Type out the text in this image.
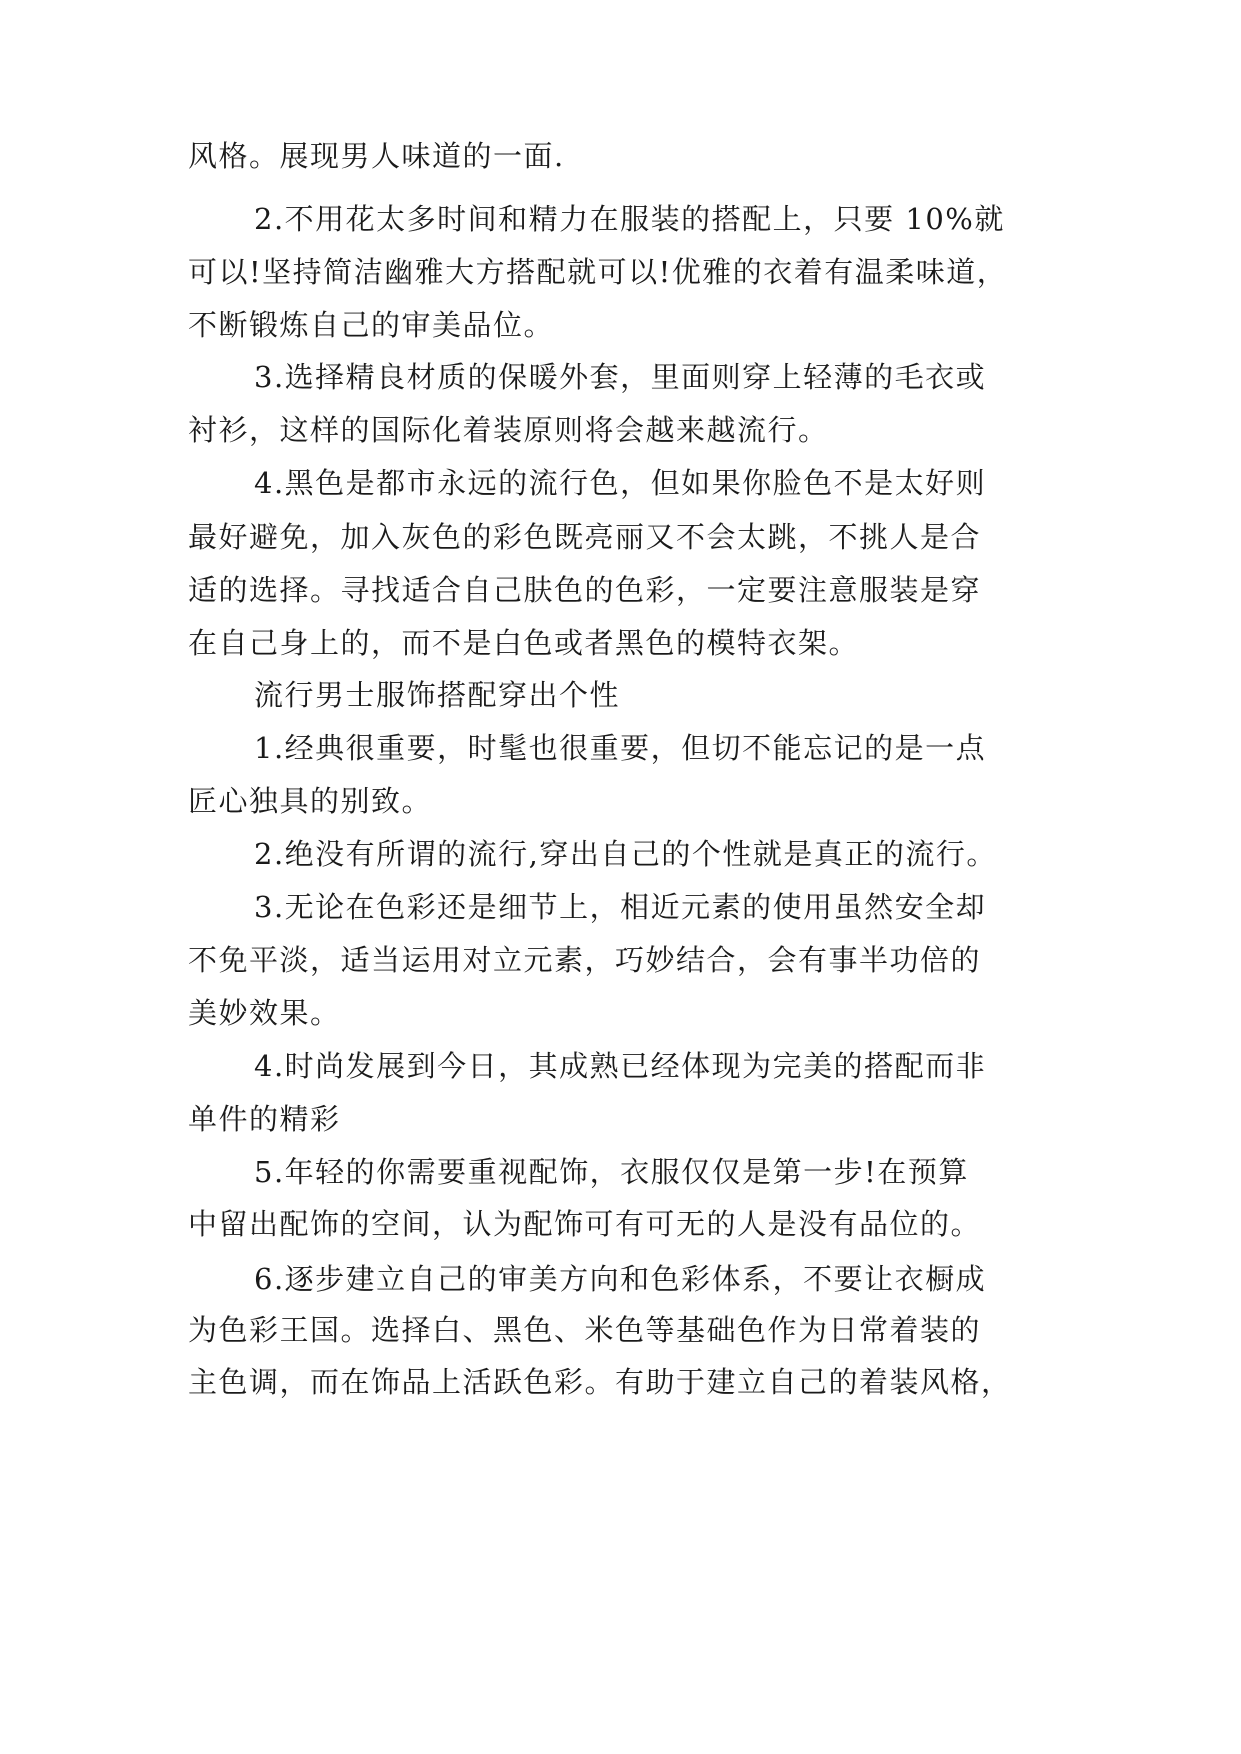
风格。展现男人味道的一面.
2.不用花太多时间和精力在服装的搭配上，只要 10%就
可以!坚持简洁幽雅大方搭配就可以!优雅的衣着有温柔味道，
不断锻炼自己的审美品位。
3.选择精良材质的保暖外套，里面则穿上轻薄的毛衣或
衬衫，这样的国际化着装原则将会越来越流行。
4.黑色是都市永远的流行色，但如果你脸色不是太好则
最好避免，加入灰色的彩色既亮丽又不会太跳，不挑人是合
适的选择。寻找适合自己肤色的色彩，一定要注意服装是穿
在自己身上的，而不是白色或者黑色的模特衣架。
流行男士服饰搭配穿出个性
1.经典很重要，时髦也很重要，但切不能忘记的是一点
匠心独具的别致。
2.绝没有所谓的流行,穿出自己的个性就是真正的流行。
3.无论在色彩还是细节上，相近元素的使用虽然安全却
不免平淡，适当运用对立元素，巧妙结合，会有事半功倍的
美妙效果。
4.时尚发展到今日，其成熟已经体现为完美的搭配而非
单件的精彩
5.年轻的你需要重视配饰，衣服仅仅是第一步!在预算
中留出配饰的空间，认为配饰可有可无的人是没有品位的。
6.逐步建立自己的审美方向和色彩体系，不要让衣橱成
为色彩王国。选择白、黑色、米色等基础色作为日常着装的
主色调，而在饰品上活跃色彩。有助于建立自己的着装风格，
